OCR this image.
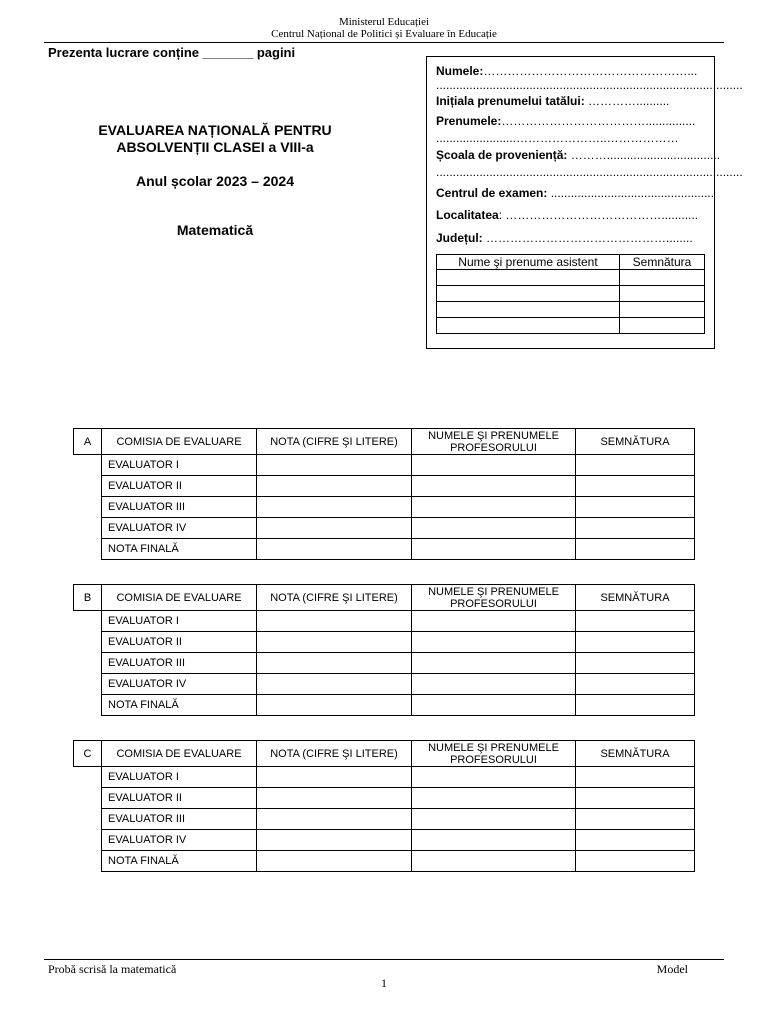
Ministerul Educației
Centrul Național de Politici și Evaluare în Educație
Prezenta lucrare conține _______ pagini
EVALUAREA NAȚIONALĂ PENTRU
ABSOLVENȚII CLASEI a VIII-a
Anul școlar 2023 – 2024
Matematică
Nume şi prenume asistent	Semnătura

Numele:……………………………………………...
............................................................................................
Inițiala prenumelui tatălui: …………..........
Prenumele:………………………………...............
........................…………………..………………
Școala de proveniență: ………..................................
............................................................................................
Centrul de examen: .................................................
Localitatea: …………………………………...........
Județul: ………………………………………........
A	COMISIA DE EVALUARE	NOTA (CIFRE ŞI LITERE)	NUMELE ŞI PRENUMELE PROFESORULUI	SEMNĂTURA
	EVALUATOR I			
	EVALUATOR II			
	EVALUATOR III			
	EVALUATOR IV			
	NOTA FINALĂ			
B	COMISIA DE EVALUARE	NOTA (CIFRE ŞI LITERE)	NUMELE ŞI PRENUMELE PROFESORULUI	SEMNĂTURA
	EVALUATOR I			
	EVALUATOR II			
	EVALUATOR III			
	EVALUATOR IV			
	NOTA FINALĂ			
C	COMISIA DE EVALUARE	NOTA (CIFRE ŞI LITERE)	NUMELE ŞI PRENUMELE PROFESORULUI	SEMNĂTURA
	EVALUATOR I			
	EVALUATOR II			
	EVALUATOR III			
	EVALUATOR IV			
	NOTA FINALĂ			
Probă scrisă la matematică	Model
1
